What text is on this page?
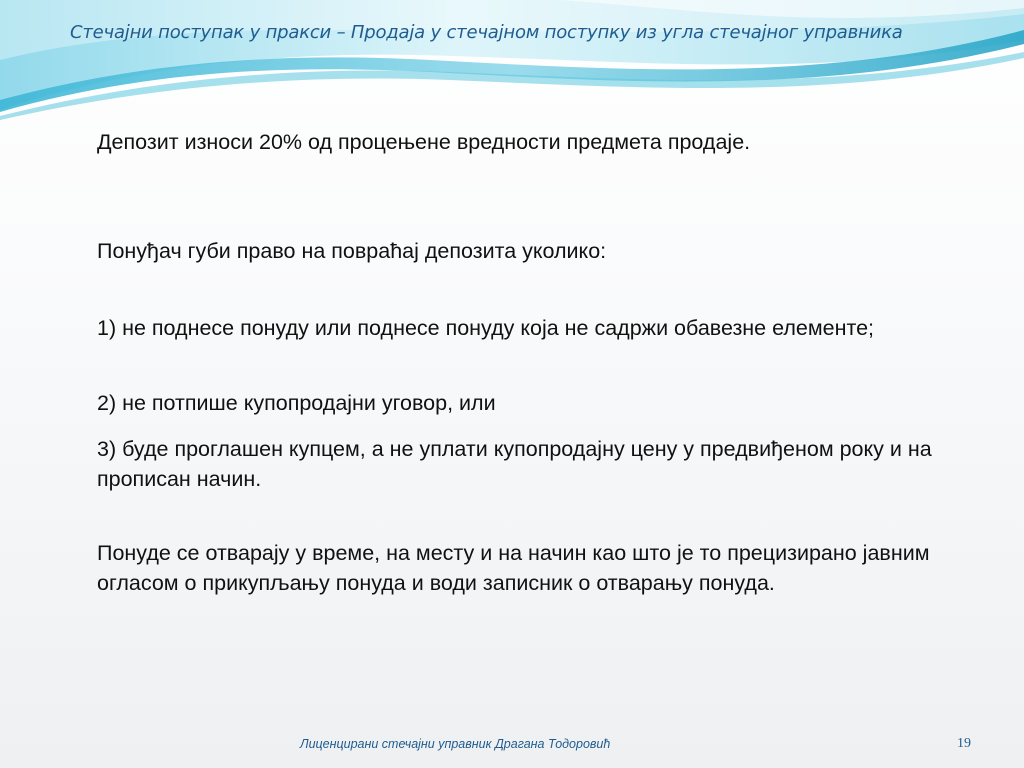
Стечајни поступак у пракси – Продаја у стечајном поступку из угла стечајног управника

Депозит износи 20% од процењене вредности предмета продаје.

Понуђач губи право на повраћај депозита уколико:

1) не поднесе понуду или поднесе понуду која не садржи обавезне елементе;

2) не потпише купопродајни уговор, или

3) буде проглашен купцем, а не уплати купопродајну цену у предвиђеном року и на прописан начин.

Понуде се отварају у време, на месту и на начин као што је то прецизирано јавним огласом о прикупљању понуда и води записник о отварању понуда.

Лиценцирани стечајни управник Драгана Тодоровић	19
